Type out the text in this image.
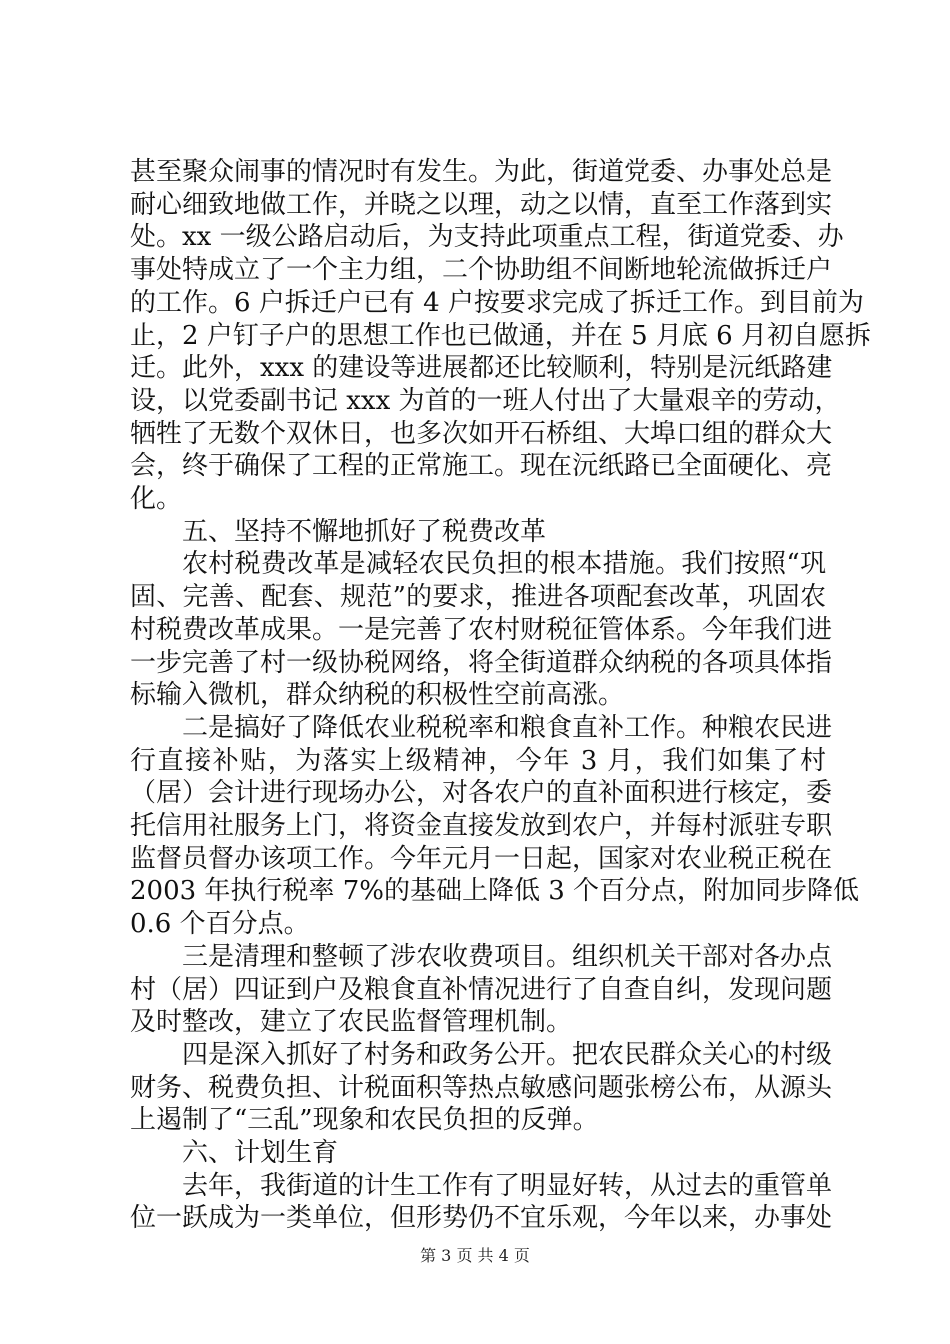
甚至聚众闹事的情况时有发生。为此，街道党委、办事处总是
耐心细致地做工作，并晓之以理，动之以情，直至工作落到实
处。xx 一级公路启动后，为支持此项重点工程，街道党委、办
事处特成立了一个主力组，二个协助组不间断地轮流做拆迁户
的工作。6 户拆迁户已有 4 户按要求完成了拆迁工作。到目前为
止，2 户钉子户的思想工作也已做通，并在 5 月底 6 月初自愿拆
迁。此外，xxx 的建设等进展都还比较顺利，特别是沅纸路建
设，以党委副书记 xxx 为首的一班人付出了大量艰辛的劳动，
牺牲了无数个双休日，也多次如开石桥组、大埠口组的群众大
会，终于确保了工程的正常施工。现在沅纸路已全面硬化、亮
化。
五、坚持不懈地抓好了税费改革
农村税费改革是减轻农民负担的根本措施。我们按照“巩
固、完善、配套、规范”的要求，推进各项配套改革，巩固农
村税费改革成果。一是完善了农村财税征管体系。今年我们进
一步完善了村一级协税网络，将全街道群众纳税的各项具体指
标输入微机，群众纳税的积极性空前高涨。
二是搞好了降低农业税税率和粮食直补工作。种粮农民进
行直接补贴，为落实上级精神，今年 3 月，我们如集了村
（居）会计进行现场办公，对各农户的直补面积进行核定，委
托信用社服务上门，将资金直接发放到农户，并每村派驻专职
监督员督办该项工作。今年元月一日起，国家对农业税正税在
2003 年执行税率 7%的基础上降低 3 个百分点，附加同步降低
0.6 个百分点。
三是清理和整顿了涉农收费项目。组织机关干部对各办点
村（居）四证到户及粮食直补情况进行了自查自纠，发现问题
及时整改，建立了农民监督管理机制。
四是深入抓好了村务和政务公开。把农民群众关心的村级
财务、税费负担、计税面积等热点敏感问题张榜公布，从源头
上遏制了“三乱”现象和农民负担的反弹。
六、计划生育
去年，我街道的计生工作有了明显好转，从过去的重管单
位一跃成为一类单位，但形势仍不宜乐观，今年以来，办事处
第 3 页 共 4 页
